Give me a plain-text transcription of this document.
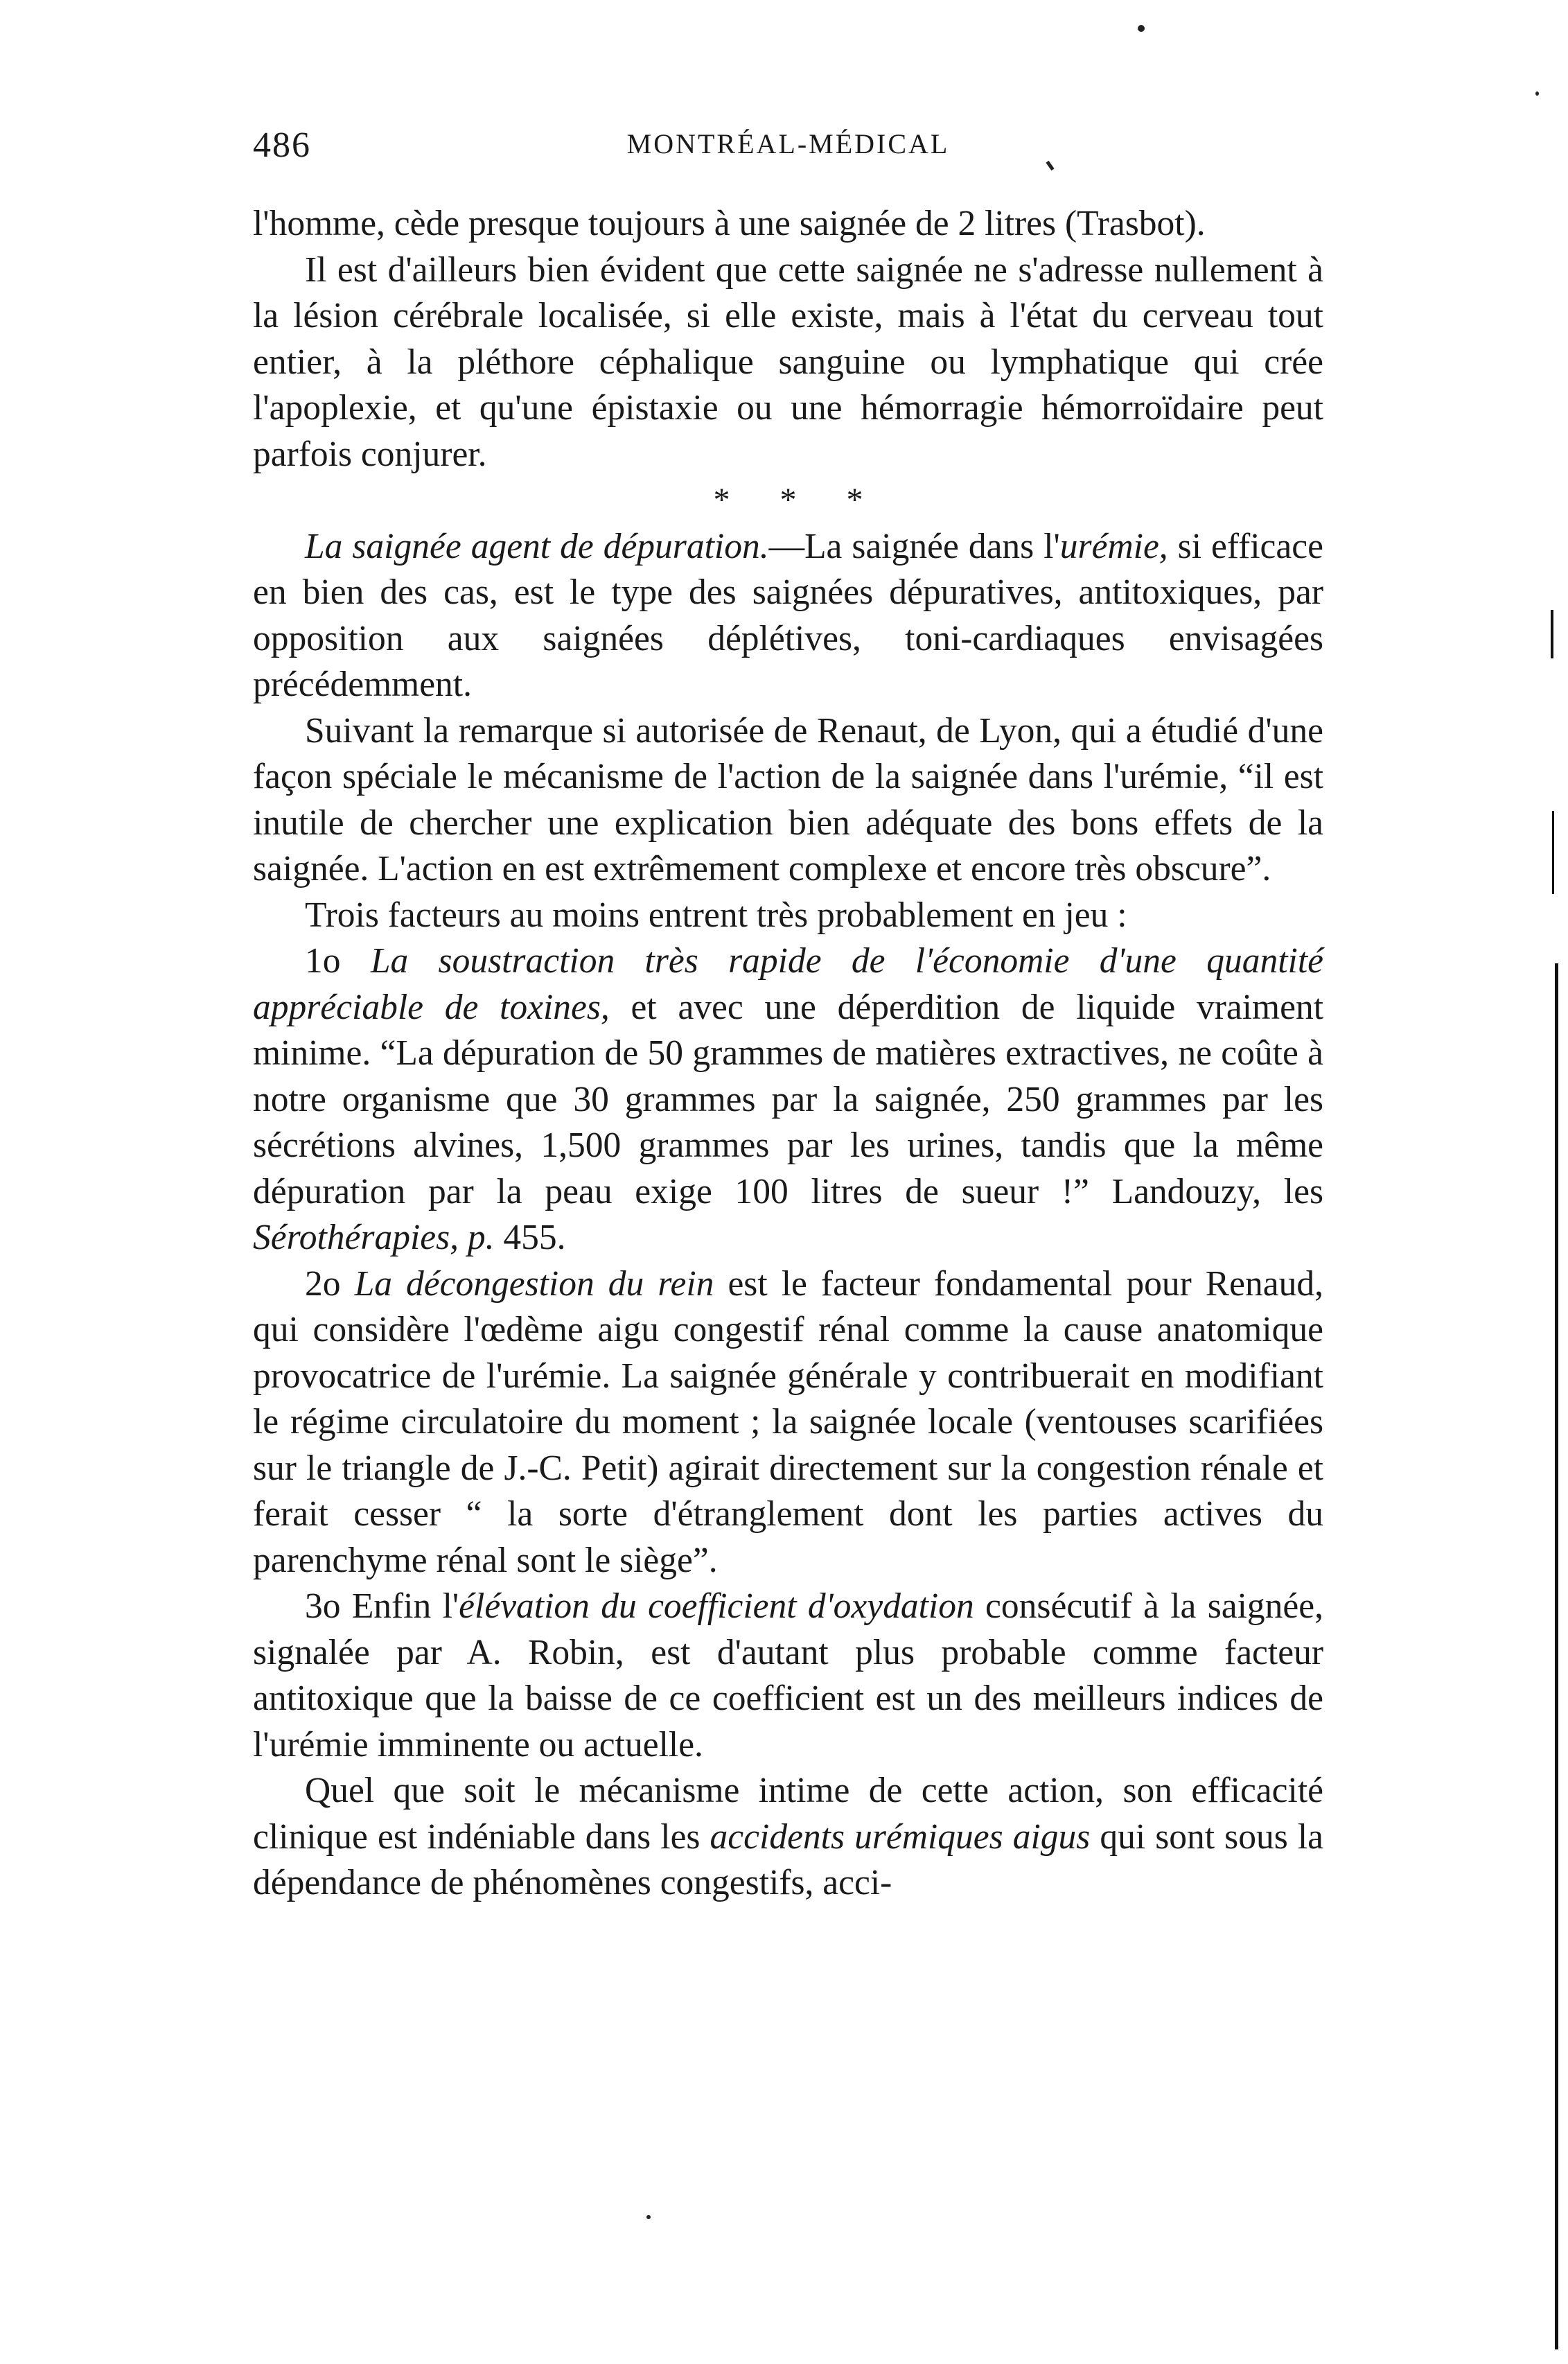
486	MONTRÉAL-MÉDICAL

l'homme, cède presque toujours à une saignée de 2 litres (Trasbot).

Il est d'ailleurs bien évident que cette saignée ne s'adresse nullement à la lésion cérébrale localisée, si elle existe, mais à l'état du cerveau tout entier, à la pléthore céphalique sanguine ou lymphatique qui crée l'apoplexie, et qu'une épistaxie ou une hémorragie hémorroïdaire peut parfois conjurer.

* * *

La saignée agent de dépuration.—La saignée dans l'urémie, si efficace en bien des cas, est le type des saignées dépuratives, antitoxiques, par opposition aux saignées déplétives, toni-cardiaques envisagées précédemment.

Suivant la remarque si autorisée de Renaut, de Lyon, qui a étudié d'une façon spéciale le mécanisme de l'action de la saignée dans l'urémie, “il est inutile de chercher une explication bien adéquate des bons effets de la saignée. L'action en est extrêmement complexe et encore très obscure”.

Trois facteurs au moins entrent très probablement en jeu :

1o La soustraction très rapide de l'économie d'une quantité appréciable de toxines, et avec une déperdition de liquide vraiment minime. “La dépuration de 50 grammes de matières extractives, ne coûte à notre organisme que 30 grammes par la saignée, 250 grammes par les sécrétions alvines, 1,500 grammes par les urines, tandis que la même dépuration par la peau exige 100 litres de sueur !” Landouzy, les Sérothérapies, p. 455.

2o La décongestion du rein est le facteur fondamental pour Renaud, qui considère l'œdème aigu congestif rénal comme la cause anatomique provocatrice de l'urémie. La saignée générale y contribuerait en modifiant le régime circulatoire du moment ; la saignée locale (ventouses scarifiées sur le triangle de J.-C. Petit) agirait directement sur la congestion rénale et ferait cesser “ la sorte d'étranglement dont les parties actives du parenchyme rénal sont le siège”.

3o Enfin l'élévation du coefficient d'oxydation consécutif à la saignée, signalée par A. Robin, est d'autant plus probable comme facteur antitoxique que la baisse de ce coefficient est un des meilleurs indices de l'urémie imminente ou actuelle.

Quel que soit le mécanisme intime de cette action, son efficacité clinique est indéniable dans les accidents urémiques aigus qui sont sous la dépendance de phénomènes congestifs, acci-
